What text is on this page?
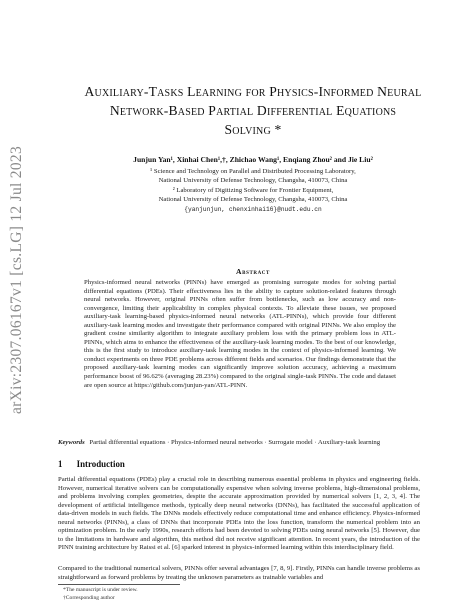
arXiv:2307.06167v1 [cs.LG] 12 Jul 2023
Auxiliary-Tasks Learning for Physics-Informed Neural
Network-Based Partial Differential Equations
Solving *

Junjun Yan¹, Xinhai Chen¹,†, Zhichao Wang¹, Enqiang Zhou² and Jie Liu²

¹ Science and Technology on Parallel and Distributed Processing Laboratory,
National University of Defense Technology, Changsha, 410073, China
² Laboratory of Digitizing Software for Frontier Equipment,
National University of Defense Technology, Changsha, 410073, China
{yanjunjun, chenxinhai16}@nudt.edu.cn
Abstract

Physics-informed neural networks (PINNs) have emerged as promising surrogate modes for solving partial differential equations (PDEs). Their effectiveness lies in the ability to capture solution-related features through neural networks. However, original PINNs often suffer from bottlenecks, such as low accuracy and non-convergence, limiting their applicability in complex physical contexts. To alleviate these issues, we proposed auxiliary-task learning-based physics-informed neural networks (ATL-PINNs), which provide four different auxiliary-task learning modes and investigate their performance compared with original PINNs. We also employ the gradient cosine similarity algorithm to integrate auxiliary problem loss with the primary problem loss in ATL-PINNs, which aims to enhance the effectiveness of the auxiliary-task learning modes. To the best of our knowledge, this is the first study to introduce auxiliary-task learning modes in the context of physics-informed learning. We conduct experiments on three PDE problems across different fields and scenarios. Our findings demonstrate that the proposed auxiliary-task learning modes can significantly improve solution accuracy, achieving a maximum performance boost of 96.62% (averaging 28.23%) compared to the original single-task PINNs. The code and dataset are open source at https://github.com/junjun-yan/ATL-PINN.

Keywords Partial differential equations · Physics-informed neural networks · Surrogate model · Auxiliary-task learning
1 Introduction

Partial differential equations (PDEs) play a crucial role in describing numerous essential problems in physics and engineering fields. However, numerical iterative solvers can be computationally expensive when solving inverse problems, high-dimensional problems, and problems involving complex geometries, despite the accurate approximation provided by numerical solvers [1, 2, 3, 4]. The development of artificial intelligence methods, typically deep neural networks (DNNs), has facilitated the successful application of data-driven models in such fields. The DNNs models effectively reduce computational time and enhance efficiency. Physics-informed neural networks (PINNs), a class of DNNs that incorporate PDEs into the loss function, transform the numerical problem into an optimization problem. In the early 1990s, research efforts had been devoted to solving PDEs using neural networks [5]. However, due to the limitations in hardware and algorithm, this method did not receive significant attention. In recent years, the introduction of the PINN training architecture by Raissi et al. [6] sparked interest in physics-informed learning within this interdisciplinary field.

Compared to the traditional numerical solvers, PINNs offer several advantages [7, 8, 9]. Firstly, PINNs can handle inverse problems as straightforward as forward problems by treating the unknown parameters as trainable variables and

*The manuscript is under review.
†Corresponding author
